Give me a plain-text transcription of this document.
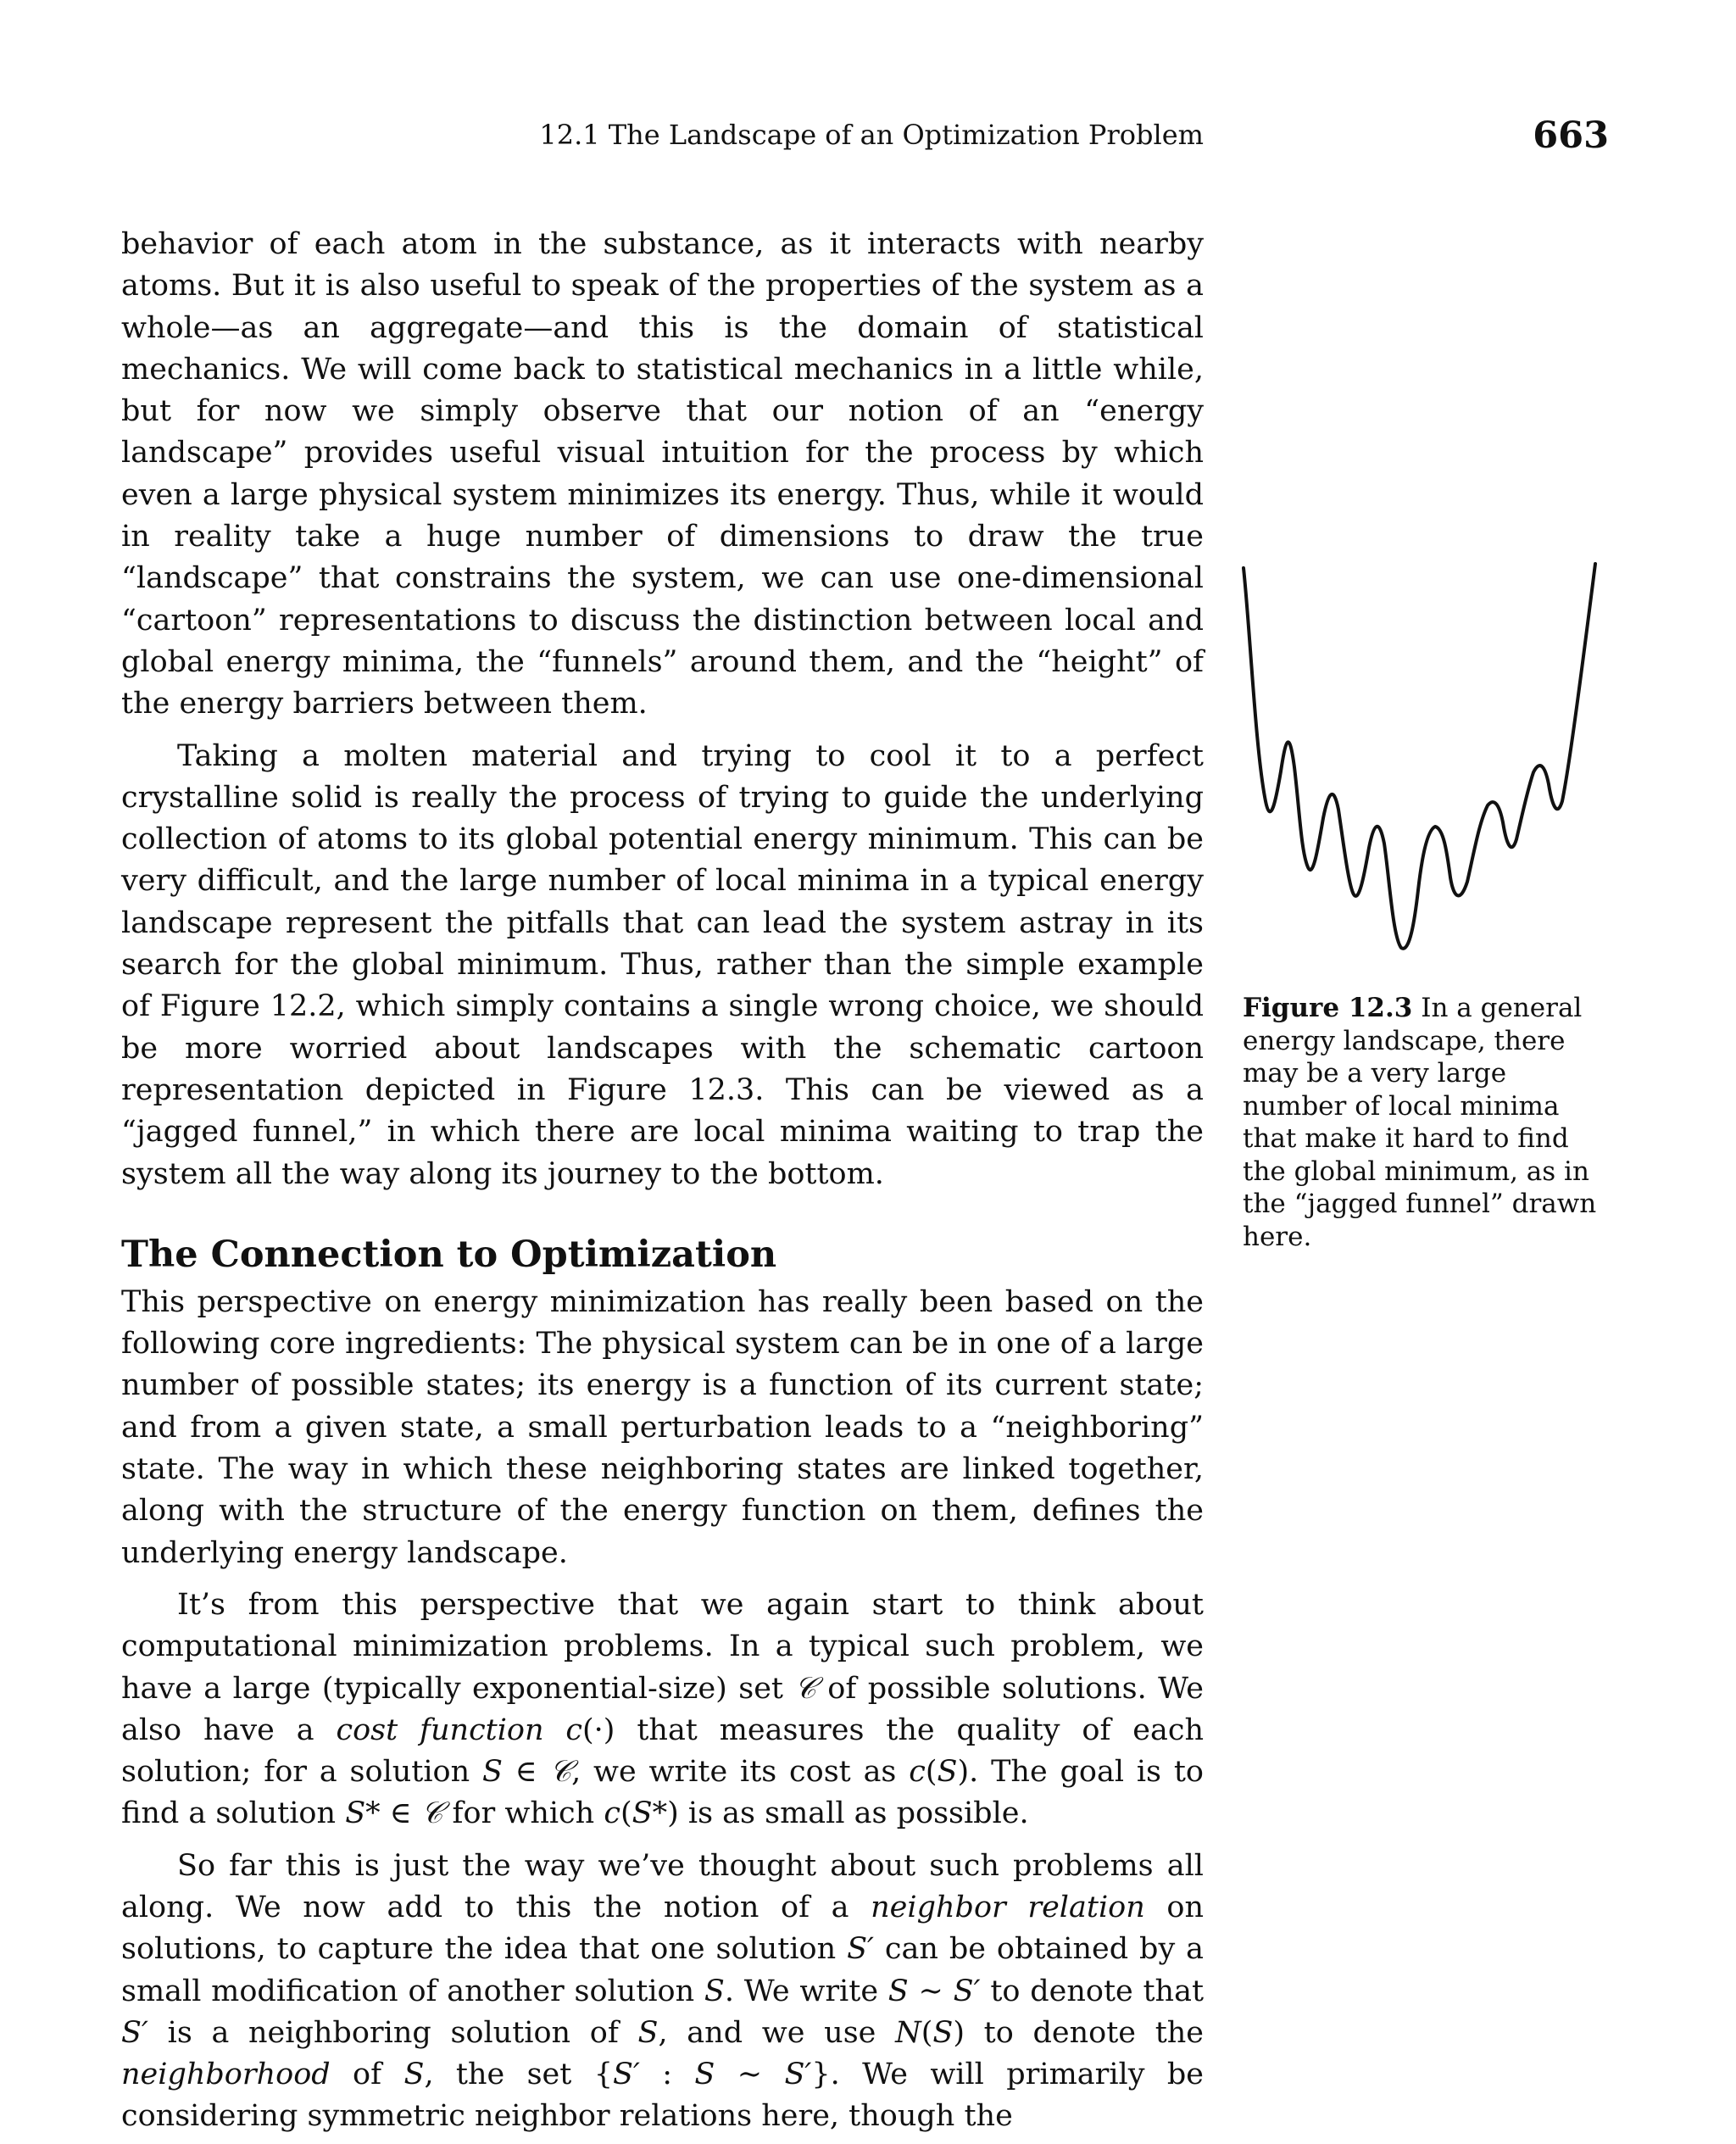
12.1 The Landscape of an Optimization Problem	663

behavior of each atom in the substance, as it interacts with nearby atoms. But it is also useful to speak of the properties of the system as a whole—as an aggregate—and this is the domain of statistical mechanics. We will come back to statistical mechanics in a little while, but for now we simply observe that our notion of an “energy landscape” provides useful visual intuition for the process by which even a large physical system minimizes its energy. Thus, while it would in reality take a huge number of dimensions to draw the true “landscape” that constrains the system, we can use one-dimensional “cartoon” representations to discuss the distinction between local and global energy minima, the “funnels” around them, and the “height” of the energy barriers between them.

Taking a molten material and trying to cool it to a perfect crystalline solid is really the process of trying to guide the underlying collection of atoms to its global potential energy minimum. This can be very difficult, and the large number of local minima in a typical energy landscape represent the pitfalls that can lead the system astray in its search for the global minimum. Thus, rather than the simple example of Figure 12.2, which simply contains a single wrong choice, we should be more worried about landscapes with the schematic cartoon representation depicted in Figure 12.3. This can be viewed as a “jagged funnel,” in which there are local minima waiting to trap the system all the way along its journey to the bottom.

The Connection to Optimization

This perspective on energy minimization has really been based on the following core ingredients: The physical system can be in one of a large number of possible states; its energy is a function of its current state; and from a given state, a small perturbation leads to a “neighboring” state. The way in which these neighboring states are linked together, along with the structure of the energy function on them, defines the underlying energy landscape.

It’s from this perspective that we again start to think about computational minimization problems. In a typical such problem, we have a large (typically exponential-size) set 𝒞 of possible solutions. We also have a cost function c(·) that measures the quality of each solution; for a solution S ∈ 𝒞, we write its cost as c(S). The goal is to find a solution S* ∈ 𝒞 for which c(S*) is as small as possible.

So far this is just the way we’ve thought about such problems all along. We now add to this the notion of a neighbor relation on solutions, to capture the idea that one solution S′ can be obtained by a small modification of another solution S. We write S ∼ S′ to denote that S′ is a neighboring solution of S, and we use N(S) to denote the neighborhood of S, the set {S′ : S ∼ S′}. We will primarily be considering symmetric neighbor relations here, though the

Figure 12.3 In a general energy landscape, there may be a very large number of local minima that make it hard to find the global minimum, as in the “jagged funnel” drawn here.
